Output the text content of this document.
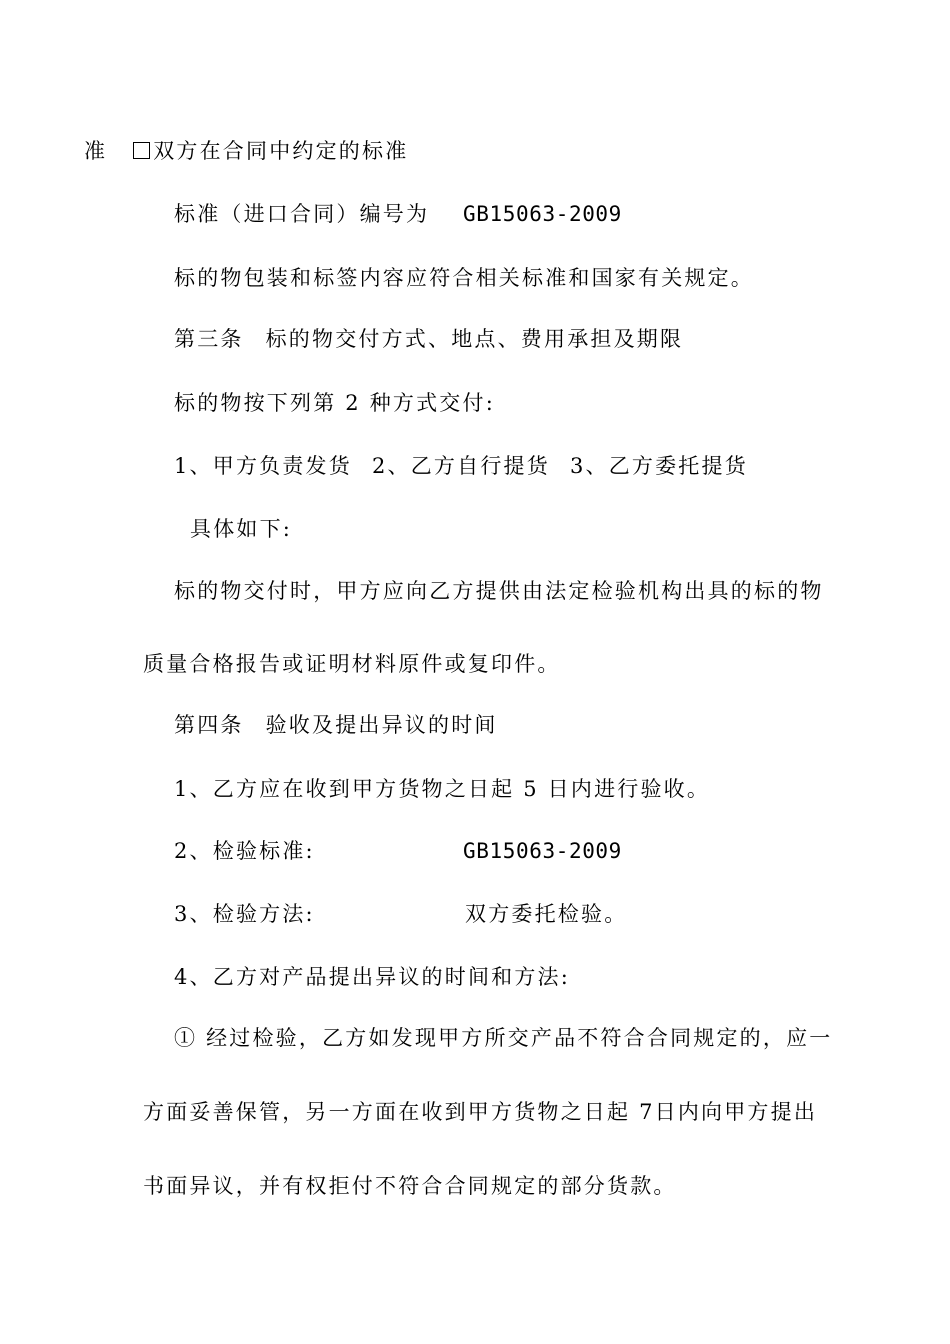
准 双方在合同中约定的标准
标准（进口合同）编号为 GB15063-2009
标的物包装和标签内容应符合相关标准和国家有关规定。
第三条 标的物交付方式、地点、费用承担及期限
标的物按下列第 2 种方式交付:
1、甲方负责发货 2、乙方自行提货 3、乙方委托提货
具体如下:
标的物交付时，甲方应向乙方提供由法定检验机构出具的标的物
质量合格报告或证明材料原件或复印件。
第四条 验收及提出异议的时间
1、乙方应在收到甲方货物之日起 5 日内进行验收。
2、检验标准:	GB15063-2009
3、检验方法:	双方委托检验。
4、乙方对产品提出异议的时间和方法:
① 经过检验，乙方如发现甲方所交产品不符合合同规定的，应一
方面妥善保管，另一方面在收到甲方货物之日起 7日内向甲方提出
书面异议，并有权拒付不符合合同规定的部分货款。
